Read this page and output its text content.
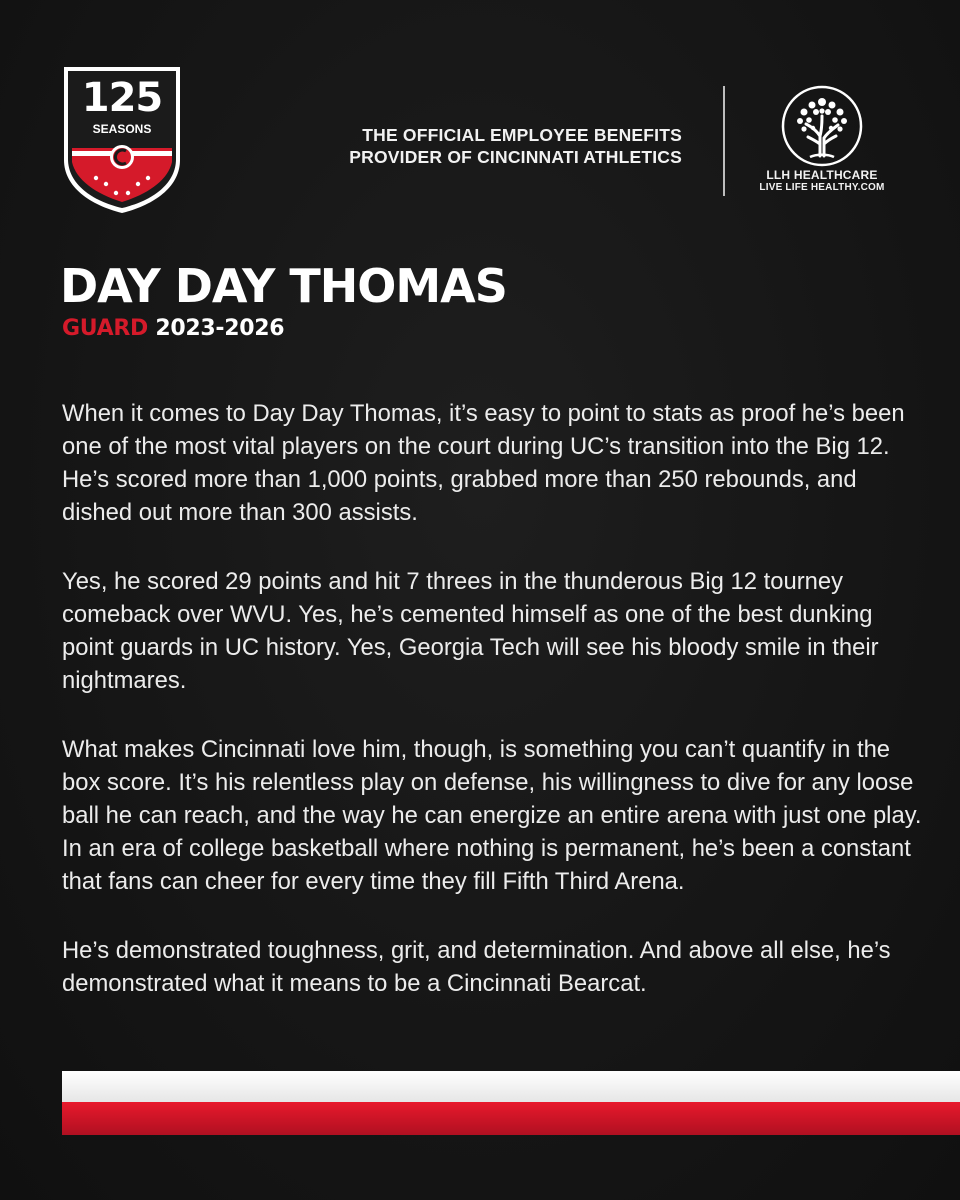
125
SEASONS	THE OFFICIAL EMPLOYEE BENEFITS
PROVIDER OF CINCINNATI ATHLETICS
LLH HEALTHCARE
LIVE LIFE HEALTHY.COM
DAY DAY THOMAS
GUARD 2023-2026

When it comes to Day Day Thomas, it’s easy to point to stats as proof he’s been one of the most vital players on the court during UC’s transition into the Big 12. He’s scored more than 1,000 points, grabbed more than 250 rebounds, and dished out more than 300 assists.

Yes, he scored 29 points and hit 7 threes in the thunderous Big 12 tourney comeback over WVU. Yes, he’s cemented himself as one of the best dunking point guards in UC history. Yes, Georgia Tech will see his bloody smile in their nightmares.

What makes Cincinnati love him, though, is something you can’t quantify in the box score. It’s his relentless play on defense, his willingness to dive for any loose ball he can reach, and the way he can energize an entire arena with just one play. In an era of college basketball where nothing is permanent, he’s been a constant that fans can cheer for every time they fill Fifth Third Arena.

He’s demonstrated toughness, grit, and determination. And above all else, he’s demonstrated what it means to be a Cincinnati Bearcat.
